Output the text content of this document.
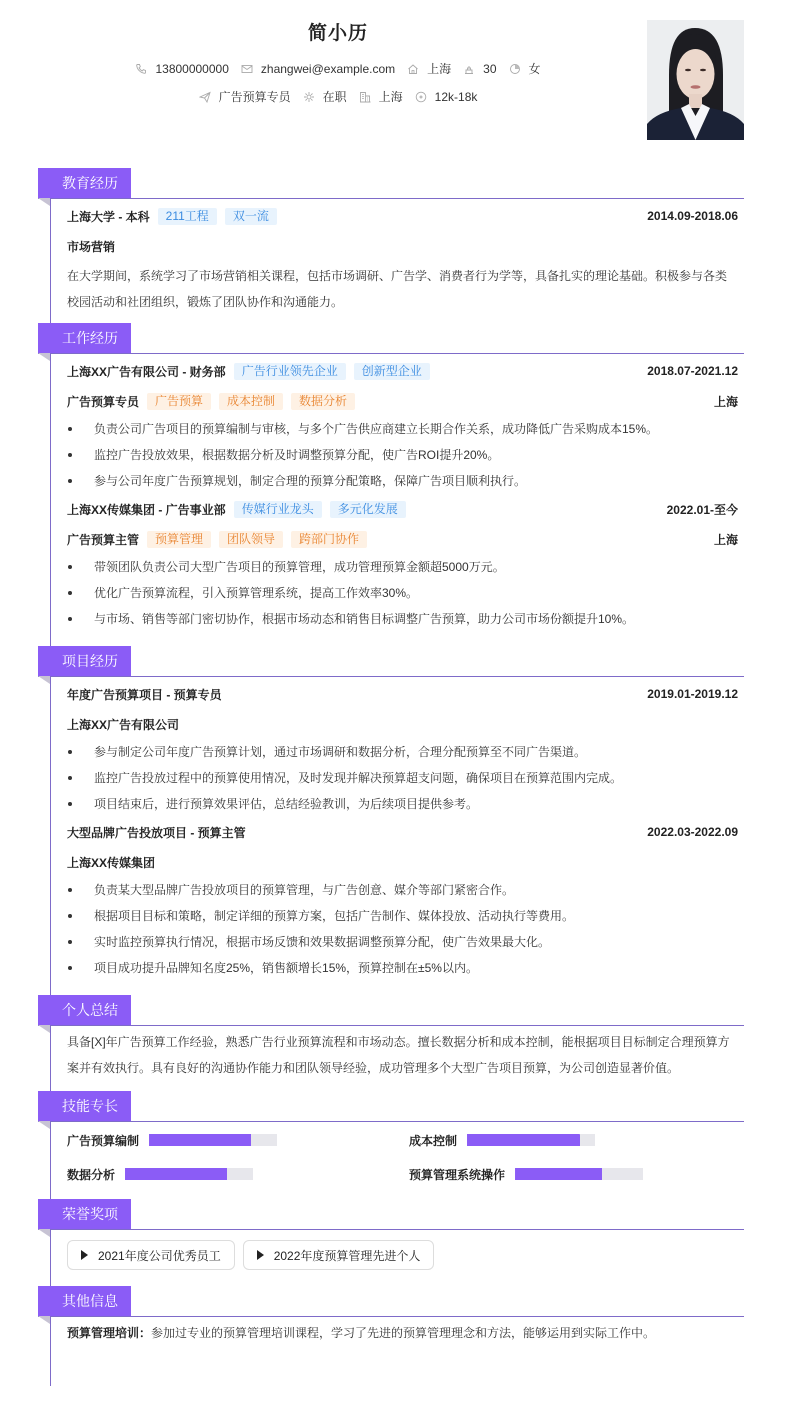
简小历
13800000000	zhangwei@example.com	上海	30	女
广告预算专员	在职	上海	12k-18k
教育经历
上海大学 - 本科	211工程	双一流	2014.09-2018.06
市场营销
在大学期间，系统学习了市场营销相关课程，包括市场调研、广告学、消费者行为学等，具备扎实的理论基础。积极参与各类校园活动和社团组织，锻炼了团队协作和沟通能力。
工作经历
上海XX广告有限公司 - 财务部	广告行业领先企业	创新型企业	2018.07-2021.12
广告预算专员	广告预算	成本控制	数据分析	上海
负责公司广告项目的预算编制与审核，与多个广告供应商建立长期合作关系，成功降低广告采购成本15%。
监控广告投放效果，根据数据分析及时调整预算分配，使广告ROI提升20%。
参与公司年度广告预算规划，制定合理的预算分配策略，保障广告项目顺利执行。
上海XX传媒集团 - 广告事业部	传媒行业龙头	多元化发展	2022.01-至今
广告预算主管	预算管理	团队领导	跨部门协作	上海
带领团队负责公司大型广告项目的预算管理，成功管理预算金额超5000万元。
优化广告预算流程，引入预算管理系统，提高工作效率30%。
与市场、销售等部门密切协作，根据市场动态和销售目标调整广告预算，助力公司市场份额提升10%。
项目经历
年度广告预算项目 - 预算专员	2019.01-2019.12
上海XX广告有限公司
参与制定公司年度广告预算计划，通过市场调研和数据分析，合理分配预算至不同广告渠道。
监控广告投放过程中的预算使用情况，及时发现并解决预算超支问题，确保项目在预算范围内完成。
项目结束后，进行预算效果评估，总结经验教训，为后续项目提供参考。
大型品牌广告投放项目 - 预算主管	2022.03-2022.09
上海XX传媒集团
负责某大型品牌广告投放项目的预算管理，与广告创意、媒介等部门紧密合作。
根据项目目标和策略，制定详细的预算方案，包括广告制作、媒体投放、活动执行等费用。
实时监控预算执行情况，根据市场反馈和效果数据调整预算分配，使广告效果最大化。
项目成功提升品牌知名度25%，销售额增长15%，预算控制在±5%以内。
个人总结
具备[X]年广告预算工作经验，熟悉广告行业预算流程和市场动态。擅长数据分析和成本控制，能根据项目目标制定合理预算方案并有效执行。具有良好的沟通协作能力和团队领导经验，成功管理多个大型广告项目预算，为公司创造显著价值。
技能专长
广告预算编制	成本控制
数据分析	预算管理系统操作
荣誉奖项
2021年度公司优秀员工	2022年度预算管理先进个人
其他信息
预算管理培训：参加过专业的预算管理培训课程，学习了先进的预算管理理念和方法，能够运用到实际工作中。
